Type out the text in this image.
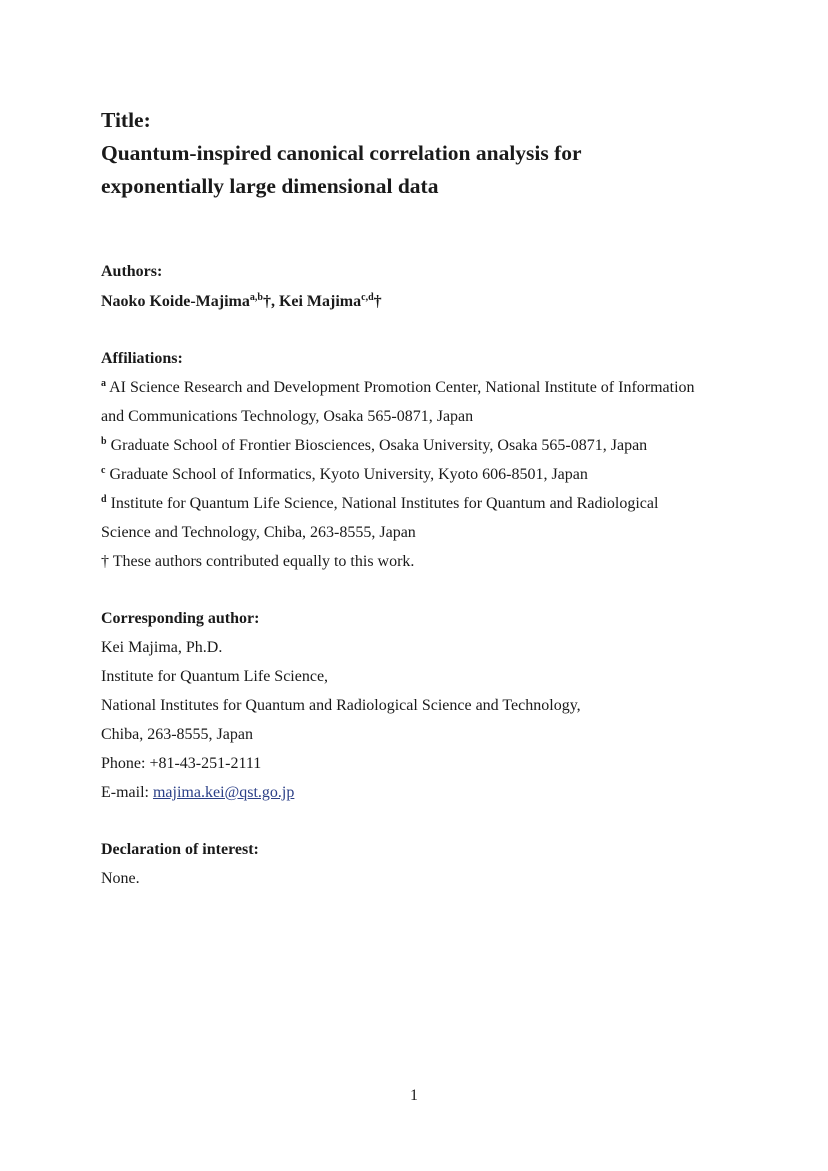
Title:

Quantum-inspired canonical correlation analysis for

exponentially large dimensional data

Authors:

Naoko Koide-Majima$^{a,b}$†, Kei Majima$^{c,d}$†

Affiliations:

$^a$ AI Science Research and Development Promotion Center, National Institute of Information

and Communications Technology, Osaka 565-0871, Japan

$^b$ Graduate School of Frontier Biosciences, Osaka University, Osaka 565-0871, Japan

$^c$ Graduate School of Informatics, Kyoto University, Kyoto 606-8501, Japan

$^d$ Institute for Quantum Life Science, National Institutes for Quantum and Radiological

Science and Technology, Chiba, 263-8555, Japan

† These authors contributed equally to this work.

Corresponding author:

Kei Majima, Ph.D.

Institute for Quantum Life Science,

National Institutes for Quantum and Radiological Science and Technology,

Chiba, 263-8555, Japan

Phone: +81-43-251-2111

E-mail: majima.kei@qst.go.jp

Declaration of interest:

None.

1
